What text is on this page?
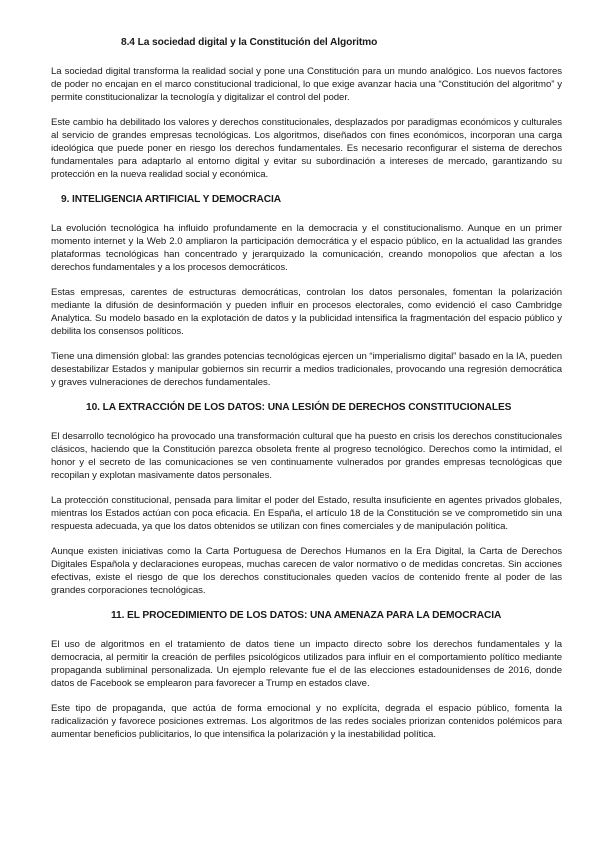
8.4 La sociedad digital y la Constitución del Algoritmo

La sociedad digital transforma la realidad social y pone una Constitución para un mundo analógico. Los nuevos factores de poder no encajan en el marco constitucional tradicional, lo que exige avanzar hacia una “Constitución del algoritmo” y permite constitucionalizar la tecnología y digitalizar el control del poder.

Este cambio ha debilitado los valores y derechos constitucionales, desplazados por paradigmas económicos y culturales al servicio de grandes empresas tecnológicas. Los algoritmos, diseñados con fines económicos, incorporan una carga ideológica que puede poner en riesgo los derechos fundamentales. Es necesario reconfigurar el sistema de derechos fundamentales para adaptarlo al entorno digital y evitar su subordinación a intereses de mercado, garantizando su protección en la nueva realidad social y económica.

9. INTELIGENCIA ARTIFICIAL Y DEMOCRACIA

La evolución tecnológica ha influido profundamente en la democracia y el constitucionalismo. Aunque en un primer momento internet y la Web 2.0 ampliaron la participación democrática y el espacio público, en la actualidad las grandes plataformas tecnológicas han concentrado y jerarquizado la comunicación, creando monopolios que afectan a los derechos fundamentales y a los procesos democráticos.

Estas empresas, carentes de estructuras democráticas, controlan los datos personales, fomentan la polarización mediante la difusión de desinformación y pueden influir en procesos electorales, como evidenció el caso Cambridge Analytica. Su modelo basado en la explotación de datos y la publicidad intensifica la fragmentación del espacio público y debilita los consensos políticos.

Tiene una dimensión global: las grandes potencias tecnológicas ejercen un “imperialismo digital” basado en la IA, pueden desestabilizar Estados y manipular gobiernos sin recurrir a medios tradicionales, provocando una regresión democrática y graves vulneraciones de derechos fundamentales.

10. LA EXTRACCIÓN DE LOS DATOS: UNA LESIÓN DE DERECHOS CONSTITUCIONALES

El desarrollo tecnológico ha provocado una transformación cultural que ha puesto en crisis los derechos constitucionales clásicos, haciendo que la Constitución parezca obsoleta frente al progreso tecnológico. Derechos como la intimidad, el honor y el secreto de las comunicaciones se ven continuamente vulnerados por grandes empresas tecnológicas que recopilan y explotan masivamente datos personales.

La protección constitucional, pensada para limitar el poder del Estado, resulta insuficiente en agentes privados globales, mientras los Estados actúan con poca eficacia. En España, el artículo 18 de la Constitución se ve comprometido sin una respuesta adecuada, ya que los datos obtenidos se utilizan con fines comerciales y de manipulación política.

Aunque existen iniciativas como la Carta Portuguesa de Derechos Humanos en la Era Digital, la Carta de Derechos Digitales Española y declaraciones europeas, muchas carecen de valor normativo o de medidas concretas. Sin acciones efectivas, existe el riesgo de que los derechos constitucionales queden vacíos de contenido frente al poder de las grandes corporaciones tecnológicas.

11. EL PROCEDIMIENTO DE LOS DATOS: UNA AMENAZA PARA LA DEMOCRACIA

El uso de algoritmos en el tratamiento de datos tiene un impacto directo sobre los derechos fundamentales y la democracia, al permitir la creación de perfiles psicológicos utilizados para influir en el comportamiento político mediante propaganda subliminal personalizada. Un ejemplo relevante fue el de las elecciones estadounidenses de 2016, donde datos de Facebook se emplearon para favorecer a Trump en estados clave.

Este tipo de propaganda, que actúa de forma emocional y no explícita, degrada el espacio público, fomenta la radicalización y favorece posiciones extremas. Los algoritmos de las redes sociales priorizan contenidos polémicos para aumentar beneficios publicitarios, lo que intensifica la polarización y la inestabilidad política.
